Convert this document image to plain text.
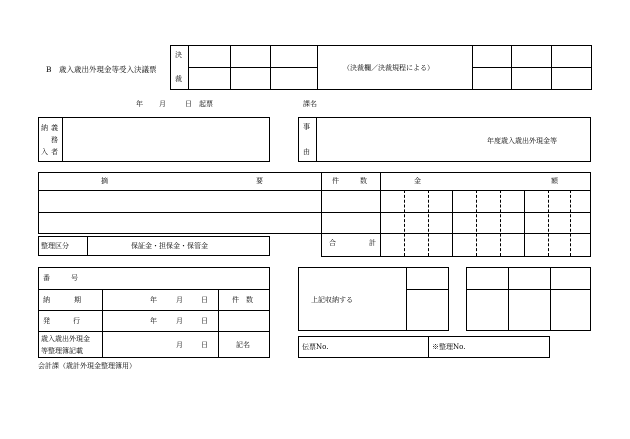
B　歳入歳出外現金等受入決議票
決
裁
（決裁欄／決裁規程による）
年 月	日 起票	課名
納 義
務
入 者
事
由
年度歳入歳出外現金等
摘	要	件	数	金	額
合	計
整理区分	保証金・担保金・保管金
番	号
納	期	年	月	日	件　数
発	行	年	月	日
歳入歳出外現金
等整理簿記載
月	日	記名
上記収納する
伝票No.	※整理No.
会計課（歳計外現金整理簿用）
